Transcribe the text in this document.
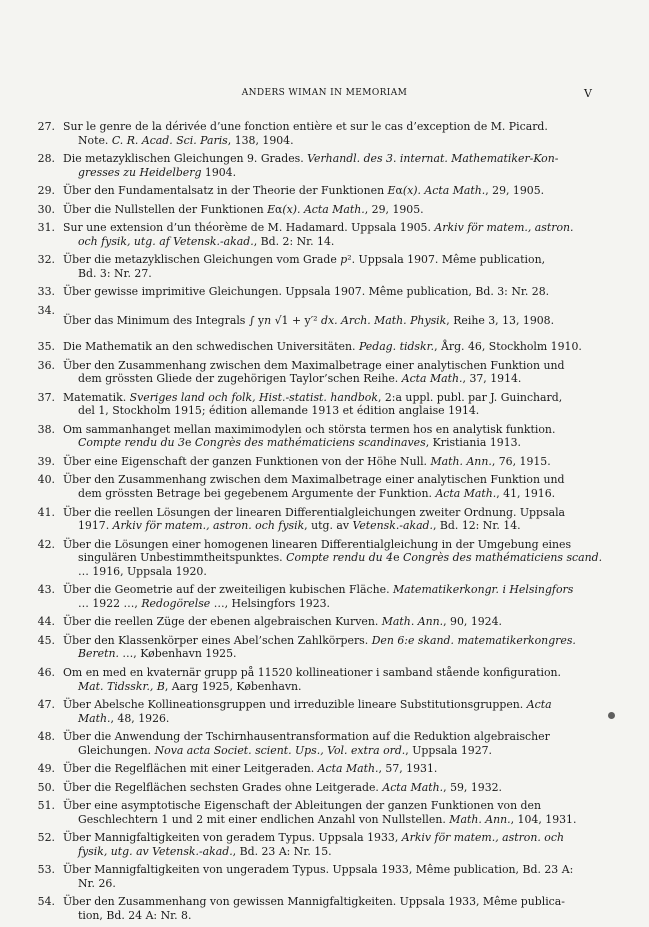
ANDERS WIMAN IN MEMORIAM	V
27. Sur le genre de la dérivée d’une fonction entière et sur le cas d’exception de M. Picard.
Note. C. R. Acad. Sci. Paris, 138, 1904.
28. Die metazyklischen Gleichungen 9. Grades. Verhandl. des 3. internat. Mathematiker-Kon-
gresses zu Heidelberg 1904.
29. Über den Fundamentalsatz in der Theorie der Funktionen Eα(x). Acta Math., 29, 1905.
30. Über die Nullstellen der Funktionen Eα(x). Acta Math., 29, 1905.
31. Sur une extension d’un théorème de M. Hadamard. Uppsala 1905. Arkiv för matem., astron.
och fysik, utg. af Vetensk.-akad., Bd. 2: Nr. 14.
32. Über die metazyklischen Gleichungen vom Grade p². Uppsala 1907. Même publication,
Bd. 3: Nr. 27.
33. Über gewisse imprimitive Gleichungen. Uppsala 1907. Même publication, Bd. 3: Nr. 28.
34.
Über das Minimum des Integrals ∫ yn √1 + y′² dx. Arch. Math. Physik, Reihe 3, 13, 1908.
35. Die Mathematik an den schwedischen Universitäten. Pedag. tidskr., Årg. 46, Stockholm 1910.
36. Über den Zusammenhang zwischen dem Maximalbetrage einer analytischen Funktion und
dem grössten Gliede der zugehörigen Taylor’schen Reihe. Acta Math., 37, 1914.
37. Matematik. Sveriges land och folk, Hist.-statist. handbok, 2:a uppl. publ. par J. Guinchard,
del 1, Stockholm 1915; édition allemande 1913 et édition anglaise 1914.
38. Om sammanhanget mellan maximimodylen och största termen hos en analytisk funktion.
Compte rendu du 3e Congrès des mathématiciens scandinaves, Kristiania 1913.
39. Über eine Eigenschaft der ganzen Funktionen von der Höhe Null. Math. Ann., 76, 1915.
40. Über den Zusammenhang zwischen dem Maximalbetrage einer analytischen Funktion und
dem grössten Betrage bei gegebenem Argumente der Funktion. Acta Math., 41, 1916.
41. Über die reellen Lösungen der linearen Differentialgleichungen zweiter Ordnung. Uppsala
1917. Arkiv för matem., astron. och fysik, utg. av Vetensk.-akad., Bd. 12: Nr. 14.
42. Über die Lösungen einer homogenen linearen Differentialgleichung in der Umgebung eines
singulären Unbestimmtheitspunktes. Compte rendu du 4e Congrès des mathématiciens scand.
… 1916, Uppsala 1920.
43. Über die Geometrie auf der zweiteiligen kubischen Fläche. Matematikerkongr. i Helsingfors
… 1922 …, Redogörelse …, Helsingfors 1923.
44. Über die reellen Züge der ebenen algebraischen Kurven. Math. Ann., 90, 1924.
45. Über den Klassenkörper eines Abel’schen Zahlkörpers. Den 6:e skand. matematikerkongres.
Beretn. …, København 1925.
46. Om en med en kvaternär grupp på 11520 kollineationer i samband stående konfiguration.
Mat. Tidsskr., B, Aarg 1925, København.
47. Über Abelsche Kollineationsgruppen und irreduzible lineare Substitutionsgruppen. Acta
Math., 48, 1926.
48. Über die Anwendung der Tschirnhausentransformation auf die Reduktion algebraischer
Gleichungen. Nova acta Societ. scient. Ups., Vol. extra ord., Uppsala 1927.
49. Über die Regelflächen mit einer Leitgeraden. Acta Math., 57, 1931.
50. Über die Regelflächen sechsten Grades ohne Leitgerade. Acta Math., 59, 1932.
51. Über eine asymptotische Eigenschaft der Ableitungen der ganzen Funktionen von den
Geschlechtern 1 und 2 mit einer endlichen Anzahl von Nullstellen. Math. Ann., 104, 1931.
52. Über Mannigfaltigkeiten von geradem Typus. Uppsala 1933, Arkiv för matem., astron. och
fysik, utg. av Vetensk.-akad., Bd. 23 A: Nr. 15.
53. Über Mannigfaltigkeiten von ungeradem Typus. Uppsala 1933, Même publication, Bd. 23 A:
Nr. 26.
54. Über den Zusammenhang von gewissen Mannigfaltigkeiten. Uppsala 1933, Même publica-
tion, Bd. 24 A: Nr. 8.
